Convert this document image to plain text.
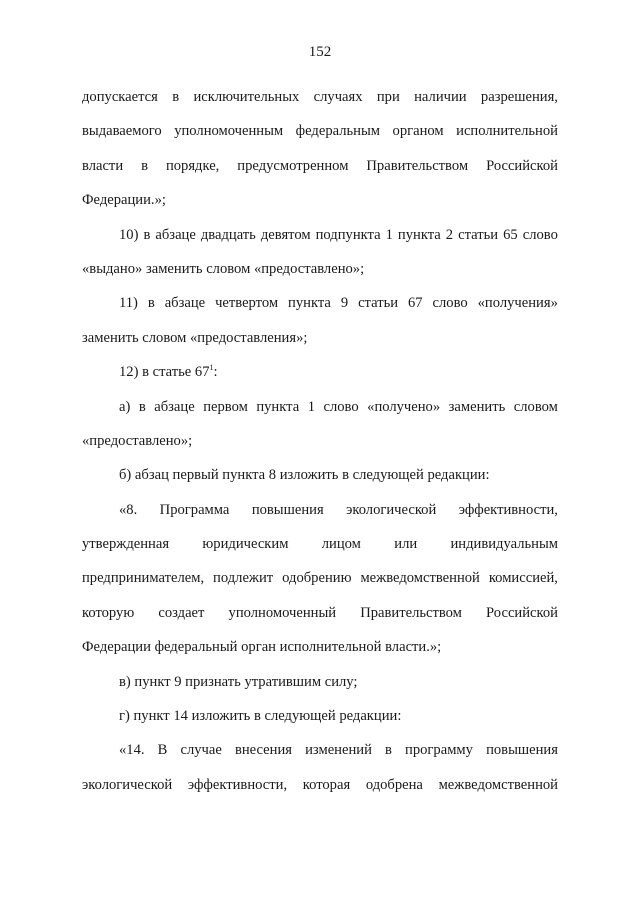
152
допускается в исключительных случаях при наличии разрешения,
выдаваемого уполномоченным федеральным органом исполнительной
власти в порядке, предусмотренном Правительством Российской
Федерации.»;
10) в абзаце двадцать девятом подпункта 1 пункта 2 статьи 65 слово
«выдано» заменить словом «предоставлено»;
11) в абзаце четвертом пункта 9 статьи 67 слово «получения»
заменить словом «предоставления»;
12) в статье $67^1$:
а) в абзаце первом пункта 1 слово «получено» заменить словом
«предоставлено»;
б) абзац первый пункта 8 изложить в следующей редакции:
«8. Программа повышения экологической эффективности,
утвержденная юридическим лицом или индивидуальным
предпринимателем, подлежит одобрению межведомственной комиссией,
которую создает уполномоченный Правительством Российской
Федерации федеральный орган исполнительной власти.»;
в) пункт 9 признать утратившим силу;
г) пункт 14 изложить в следующей редакции:
«14. В случае внесения изменений в программу повышения
экологической эффективности, которая одобрена межведомственной
